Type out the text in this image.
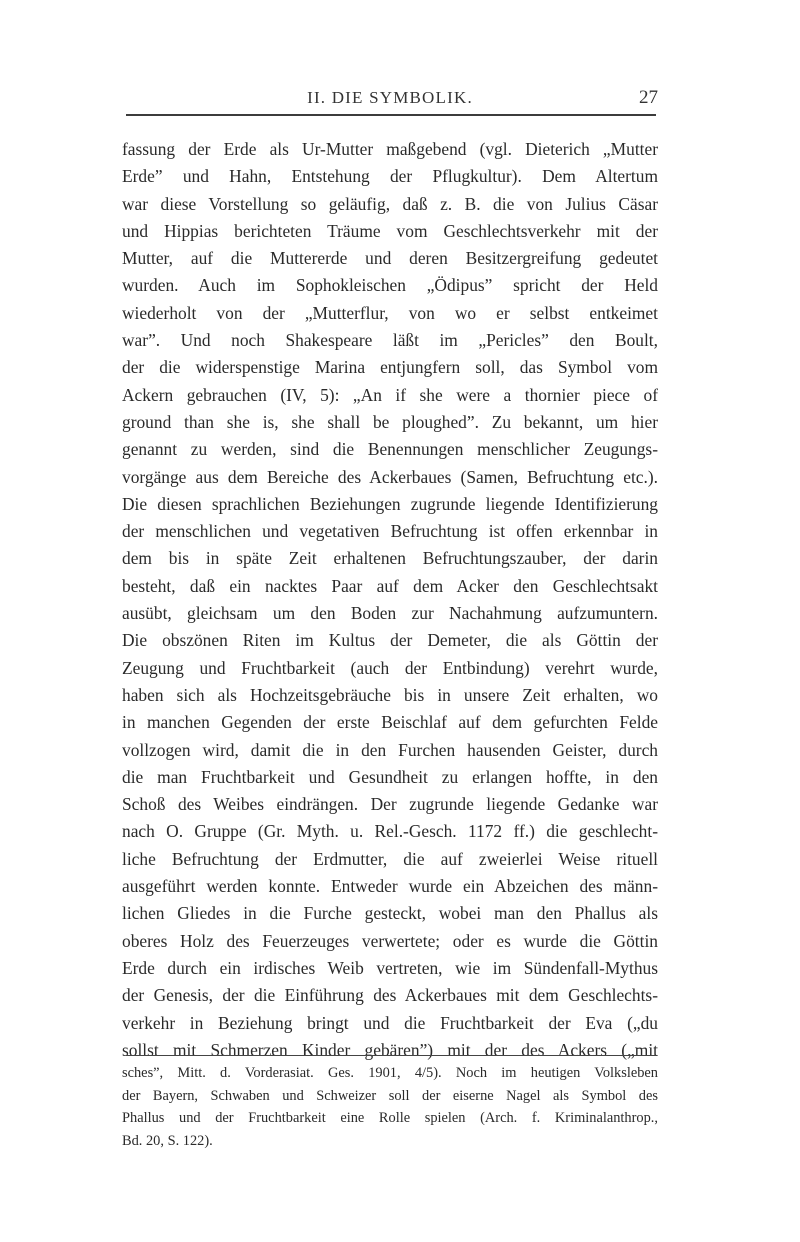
II. DIE SYMBOLIK.	27
fassung der Erde als Ur-Mutter maßgebend (vgl. Dieterich „Mutter
Erde” und Hahn, Entstehung der Pflugkultur). Dem Altertum
war diese Vorstellung so geläufig, daß z. B. die von Julius Cäsar
und Hippias berichteten Träume vom Geschlechtsverkehr mit der
Mutter, auf die Muttererde und deren Besitzergreifung gedeutet
wurden. Auch im Sophokleischen „Ödipus” spricht der Held
wiederholt von der „Mutterflur, von wo er selbst entkeimet
war”. Und noch Shakespeare läßt im „Pericles” den Boult,
der die widerspenstige Marina entjungfern soll, das Symbol vom
Ackern gebrauchen (IV, 5): „An if she were a thornier piece of
ground than she is, she shall be ploughed”. Zu bekannt, um hier
genannt zu werden, sind die Benennungen menschlicher Zeugungs-
vorgänge aus dem Bereiche des Ackerbaues (Samen, Befruchtung etc.).
Die diesen sprachlichen Beziehungen zugrunde liegende Identifizierung
der menschlichen und vegetativen Befruchtung ist offen erkennbar in
dem bis in späte Zeit erhaltenen Befruchtungszauber, der darin
besteht, daß ein nacktes Paar auf dem Acker den Geschlechtsakt
ausübt, gleichsam um den Boden zur Nachahmung aufzumuntern.
Die obszönen Riten im Kultus der Demeter, die als Göttin der
Zeugung und Fruchtbarkeit (auch der Entbindung) verehrt wurde,
haben sich als Hochzeitsgebräuche bis in unsere Zeit erhalten, wo
in manchen Gegenden der erste Beischlaf auf dem gefurchten Felde
vollzogen wird, damit die in den Furchen hausenden Geister, durch
die man Fruchtbarkeit und Gesundheit zu erlangen hoffte, in den
Schoß des Weibes eindrängen. Der zugrunde liegende Gedanke war
nach O. Gruppe (Gr. Myth. u. Rel.-Gesch. 1172 ff.) die geschlecht-
liche Befruchtung der Erdmutter, die auf zweierlei Weise rituell
ausgeführt werden konnte. Entweder wurde ein Abzeichen des männ-
lichen Gliedes in die Furche gesteckt, wobei man den Phallus als
oberes Holz des Feuerzeuges verwertete; oder es wurde die Göttin
Erde durch ein irdisches Weib vertreten, wie im Sündenfall-Mythus
der Genesis, der die Einführung des Ackerbaues mit dem Geschlechts-
verkehr in Beziehung bringt und die Fruchtbarkeit der Eva („du
sollst mit Schmerzen Kinder gebären”) mit der des Ackers („mit
sches”, Mitt. d. Vorderasiat. Ges. 1901, 4/5). Noch im heutigen Volksleben
der Bayern, Schwaben und Schweizer soll der eiserne Nagel als Symbol des
Phallus und der Fruchtbarkeit eine Rolle spielen (Arch. f. Kriminalanthrop.,
Bd. 20, S. 122).
